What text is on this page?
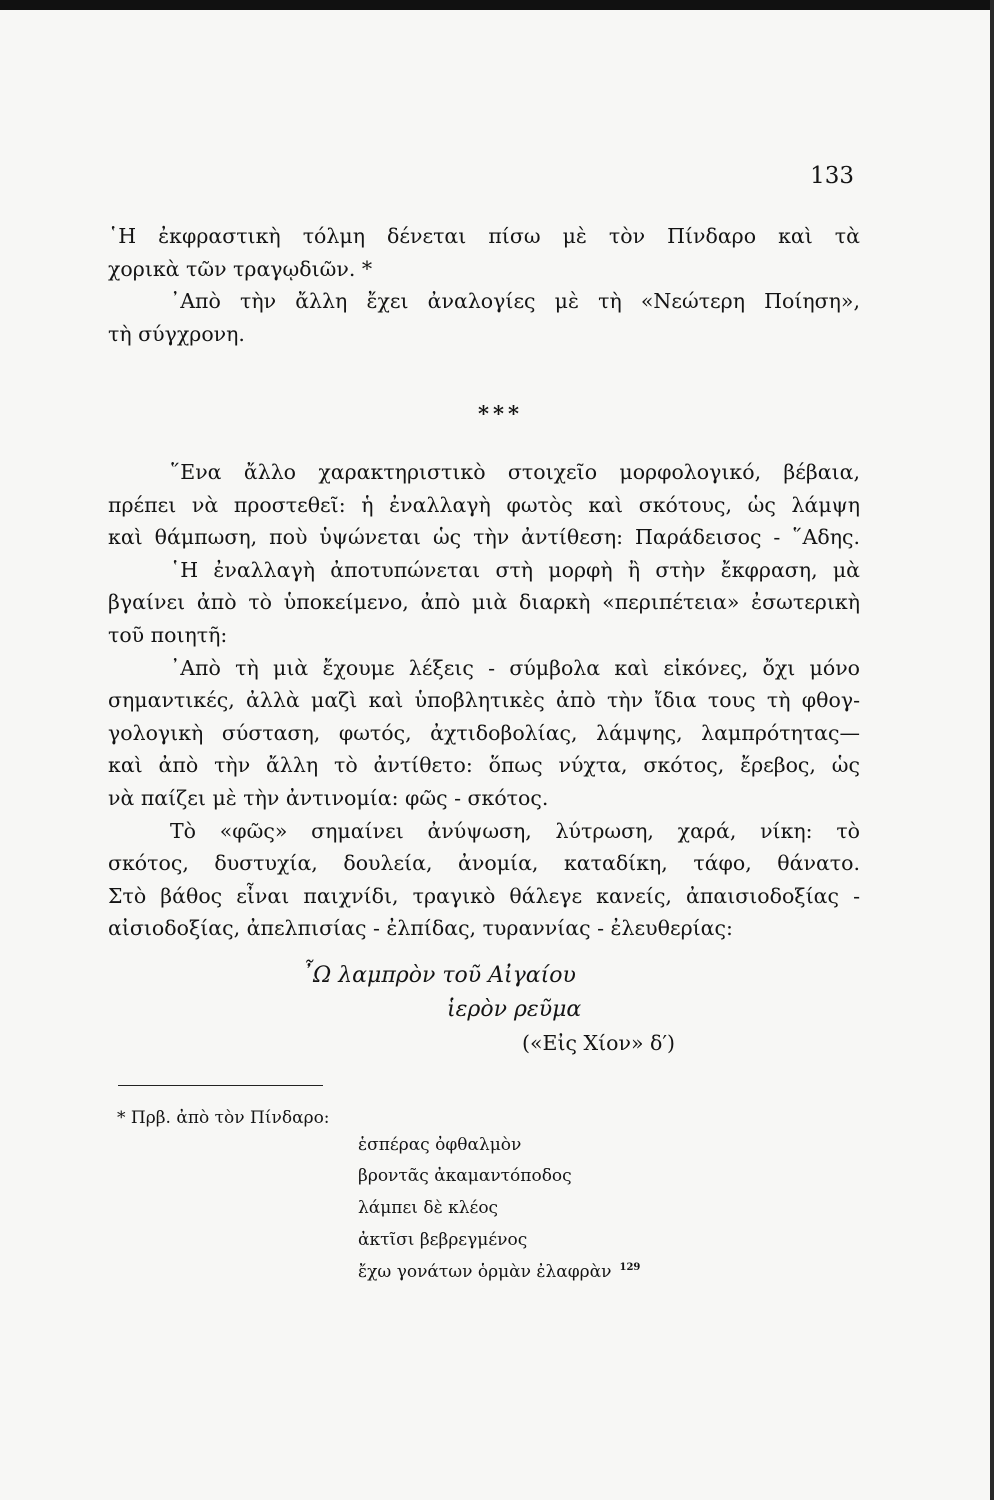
133
῾Η ἐκφραστικὴ τόλμη δένεται πίσω μὲ τὸν Πίνδαρο καὶ τὰ
χορικὰ τῶν τραγῳδιῶν. *
᾿Απὸ τὴν ἄλλη ἔχει ἀναλογίες μὲ τὴ «Νεώτερη Ποίηση»,
τὴ σύγχρονη.
***
῞Ενα ἄλλο χαρακτηριστικὸ στοιχεῖο μορφολογικό, βέβαια,
πρέπει νὰ προστεθεῖ: ἡ ἐναλλαγὴ φωτὸς καὶ σκότους, ὡς λάμψη
καὶ θάμπωση, ποὺ ὑψώνεται ὡς τὴν ἀντίθεση: Παράδεισος - ῞Αδης.
῾Η ἐναλλαγὴ ἀποτυπώνεται στὴ μορφὴ ἢ στὴν ἔκφραση, μὰ
βγαίνει ἀπὸ τὸ ὑποκείμενο, ἀπὸ μιὰ διαρκὴ «περιπέτεια» ἐσωτερικὴ
τοῦ ποιητῆ:
᾿Απὸ τὴ μιὰ ἔχουμε λέξεις - σύμβολα καὶ εἰκόνες, ὄχι μόνο
σημαντικές, ἀλλὰ μαζὶ καὶ ὑποβλητικὲς ἀπὸ τὴν ἴδια τους τὴ φθογ-
γολογικὴ σύσταση, φωτός, ἀχτιδοβολίας, λάμψης, λαμπρότητας—
καὶ ἀπὸ τὴν ἄλλη τὸ ἀντίθετο: ὅπως νύχτα, σκότος, ἔρεβος, ὡς
νὰ παίζει μὲ τὴν ἀντινομία: φῶς - σκότος.
Τὸ «φῶς» σημαίνει ἀνύψωση, λύτρωση, χαρά, νίκη: τὸ
σκότος, δυστυχία, δουλεία, ἀνομία, καταδίκη, τάφο, θάνατο.
Στὸ βάθος εἶναι παιχνίδι, τραγικὸ θάλεγε κανείς, ἀπαισιοδοξίας -
αἰσιοδοξίας, ἀπελπισίας - ἐλπίδας, τυραννίας - ἐλευθερίας:
῏Ω λαμπρὸν τοῦ Αἰγαίου
ἱερὸν ρεῦμα
(«Εἰς Χίον» δ′)
* Πρβ. ἀπὸ τὸν Πίνδαρο:
ἑσπέρας ὀφθαλμὸν
βροντᾶς ἀκαμαντόποδος
λάμπει δὲ κλέος
ἀκτῖσι βεβρεγμένος
ἔχω γονάτων ὁρμὰν ἐλαφρὰν $^{129}$
